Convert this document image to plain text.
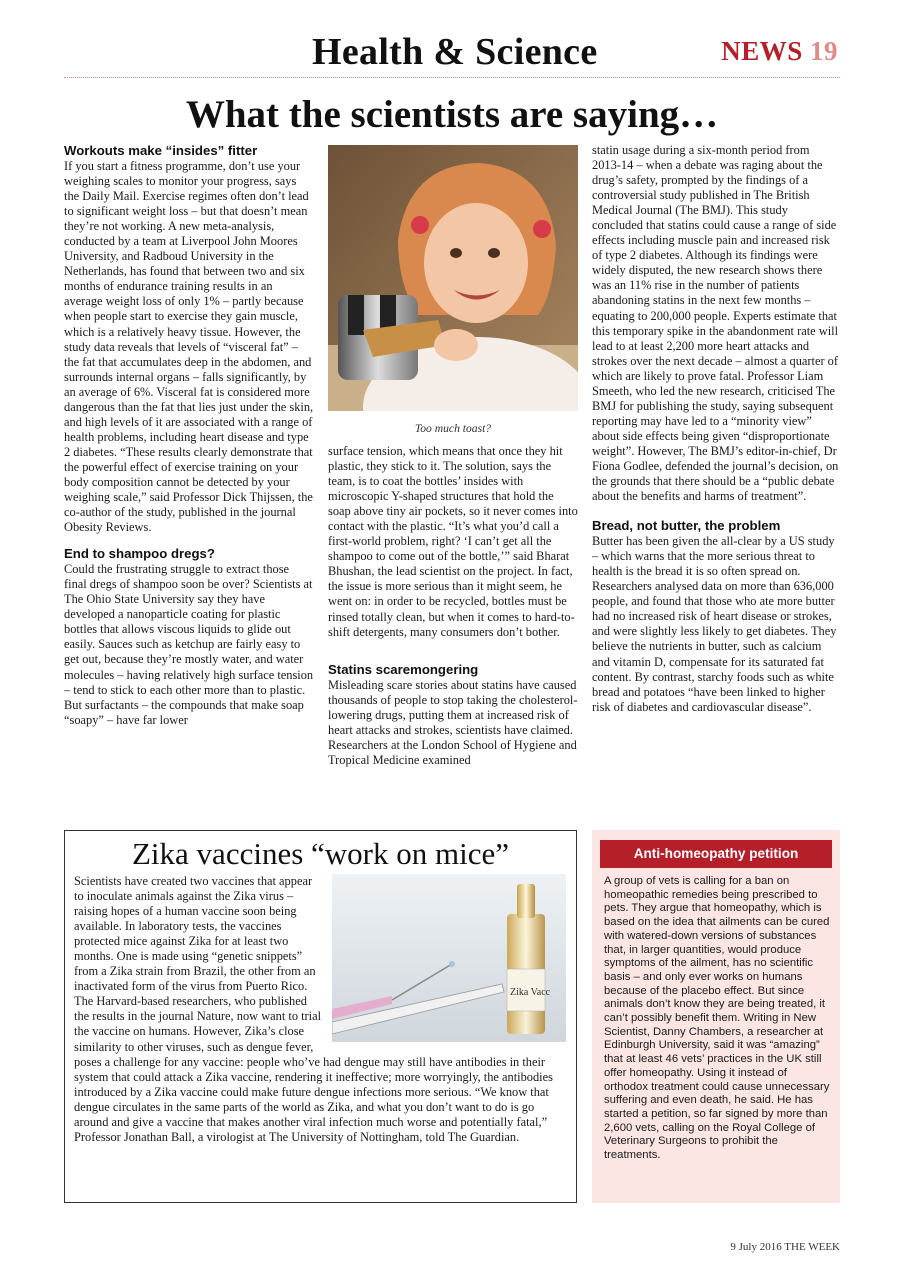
Health & Science	NEWS 19
What the scientists are saying…
Workouts make “insides” fitter

If you start a fitness programme, don’t use your weighing scales to monitor your progress, says the Daily Mail. Exercise regimes often don’t lead to significant weight loss – but that doesn’t mean they’re not working. A new meta-analysis, conducted by a team at Liverpool John Moores University, and Radboud University in the Netherlands, has found that between two and six months of endurance training results in an average weight loss of only 1% – partly because when people start to exercise they gain muscle, which is a relatively heavy tissue. However, the study data reveals that levels of “visceral fat” – the fat that accumulates deep in the abdomen, and surrounds internal organs – falls significantly, by an average of 6%. Visceral fat is considered more dangerous than the fat that lies just under the skin, and high levels of it are associated with a range of health problems, including heart disease and type 2 diabetes. “These results clearly demonstrate that the powerful effect of exercise training on your body composition cannot be detected by your weighing scale,” said Professor Dick Thijssen, the co-author of the study, published in the journal Obesity Reviews.

End to shampoo dregs?

Could the frustrating struggle to extract those final dregs of shampoo soon be over? Scientists at The Ohio State University say they have developed a nanoparticle coating for plastic bottles that allows viscous liquids to glide out easily. Sauces such as ketchup are fairly easy to get out, because they’re mostly water, and water molecules – having relatively high surface tension – tend to stick to each other more than to plastic. But surfactants – the compounds that make soap “soapy” – have far lower

Too much toast?

surface tension, which means that once they hit plastic, they stick to it. The solution, says the team, is to coat the bottles’ insides with microscopic Y-shaped structures that hold the soap above tiny air pockets, so it never comes into contact with the plastic. “It’s what you’d call a first-world problem, right? ‘I can’t get all the shampoo to come out of the bottle,’” said Bharat Bhushan, the lead scientist on the project. In fact, the issue is more serious than it might seem, he went on: in order to be recycled, bottles must be rinsed totally clean, but when it comes to hard-to-shift detergents, many consumers don’t bother.

Statins scaremongering

Misleading scare stories about statins have caused thousands of people to stop taking the cholesterol-lowering drugs, putting them at increased risk of heart attacks and strokes, scientists have claimed. Researchers at the London School of Hygiene and Tropical Medicine examined

statin usage during a six-month period from 2013-14 – when a debate was raging about the drug’s safety, prompted by the findings of a controversial study published in The British Medical Journal (The BMJ). This study concluded that statins could cause a range of side effects including muscle pain and increased risk of type 2 diabetes. Although its findings were widely disputed, the new research shows there was an 11% rise in the number of patients abandoning statins in the next few months – equating to 200,000 people. Experts estimate that this temporary spike in the abandonment rate will lead to at least 2,200 more heart attacks and strokes over the next decade – almost a quarter of which are likely to prove fatal. Professor Liam Smeeth, who led the new research, criticised The BMJ for publishing the study, saying subsequent reporting may have led to a “minority view” about side effects being given “disproportionate weight”. However, The BMJ’s editor-in-chief, Dr Fiona Godlee, defended the journal’s decision, on the grounds that there should be a “public debate about the benefits and harms of treatment”.

Bread, not butter, the problem

Butter has been given the all-clear by a US study – which warns that the more serious threat to health is the bread it is so often spread on. Researchers analysed data on more than 636,000 people, and found that those who ate more butter had no increased risk of heart disease or strokes, and were slightly less likely to get diabetes. They believe the nutrients in butter, such as calcium and vitamin D, compensate for its saturated fat content. By contrast, starchy foods such as white bread and potatoes “have been linked to higher risk of diabetes and cardiovascular disease”.

Zika vaccines “work on mice”
Zika Vacc
Scientists have created two vaccines that appear to inoculate animals against the Zika virus – raising hopes of a human vaccine soon being available. In laboratory tests, the vaccines protected mice against Zika for at least two months. One is made using “genetic snippets” from a Zika strain from Brazil, the other from an inactivated form of the virus from Puerto Rico. The Harvard-based researchers, who published the results in the journal Nature, now want to trial the vaccine on humans. However, Zika’s close similarity to other viruses, such as dengue fever, poses a challenge for any vaccine: people who’ve had dengue may still have antibodies in their system that could attack a Zika vaccine, rendering it ineffective; more worryingly, the antibodies introduced by a Zika vaccine could make future dengue infections more serious. “We know that dengue circulates in the same parts of the world as Zika, and what you don’t want to do is go around and give a vaccine that makes another viral infection much worse and potentially fatal,” Professor Jonathan Ball, a virologist at The University of Nottingham, told The Guardian.
Anti-homeopathy petition
A group of vets is calling for a ban on homeopathic remedies being prescribed to pets. They argue that homeopathy, which is based on the idea that ailments can be cured with watered-down versions of substances that, in larger quantities, would produce symptoms of the ailment, has no scientific basis – and only ever works on humans because of the placebo effect. But since animals don’t know they are being treated, it can’t possibly benefit them. Writing in New Scientist, Danny Chambers, a researcher at Edinburgh University, said it was “amazing” that at least 46 vets’ practices in the UK still offer homeopathy. Using it instead of orthodox treatment could cause unnecessary suffering and even death, he said. He has started a petition, so far signed by more than 2,600 vets, calling on the Royal College of Veterinary Surgeons to prohibit the treatments.
9 July 2016 THE WEEK
